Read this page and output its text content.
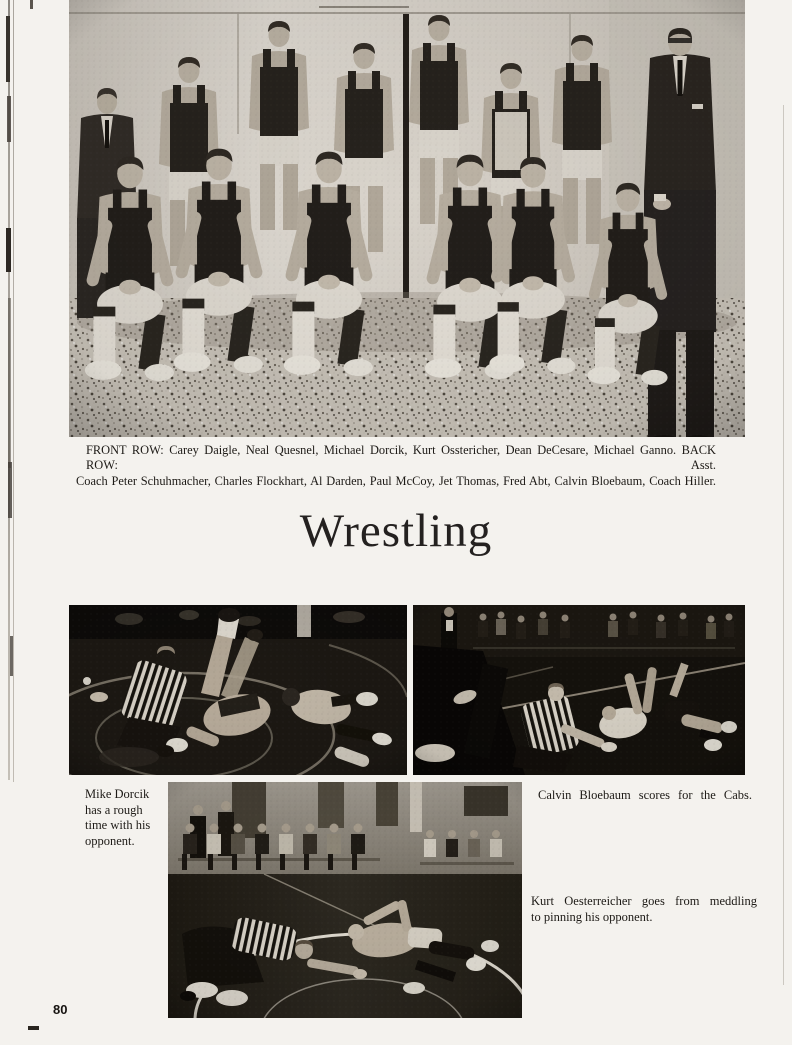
FRONT ROW: Carey Daigle, Neal Quesnel, Michael Dorcik, Kurt Osstericher, Dean DeCesare, Michael Ganno. BACK ROW: Asst.
Coach Peter Schuhmacher, Charles Flockhart, Al Darden, Paul McCoy, Jet Thomas, Fred Abt, Calvin Bloebaum, Coach Hiller.
Wrestling
Mike Dorcik
has a rough
time with his
opponent.
Calvin Bloebaum scores for the Cabs.
Kurt Oesterreicher goes from meddling
to pinning his opponent.
80
